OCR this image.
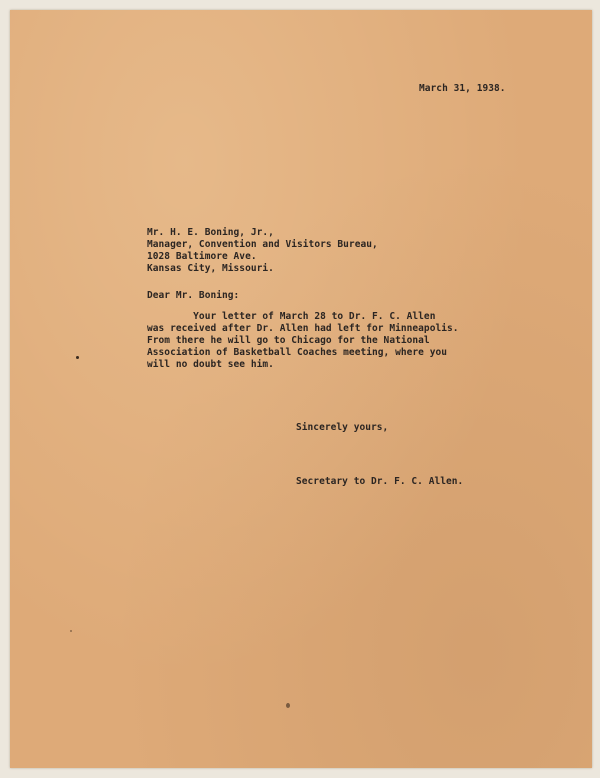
March 31, 1938.
Mr. H. E. Boning, Jr.,
Manager, Convention and Visitors Bureau,
1028 Baltimore Ave.
Kansas City, Missouri.
Dear Mr. Boning:
Your letter of March 28 to Dr. F. C. Allen
was received after Dr. Allen had left for Minneapolis.
From there he will go to Chicago for the National
Association of Basketball Coaches meeting, where you
will no doubt see him.
Sincerely yours,
Secretary to Dr. F. C. Allen.
